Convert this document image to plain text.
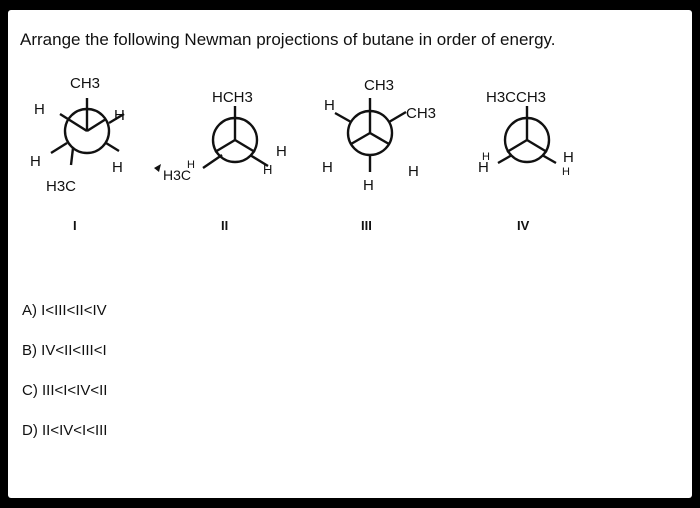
Arrange the following Newman projections of butane in order of energy.
CH3
H	H
H	H
H3C
I
HCH3
H3C
H
H
H
II
CH3
H	CH3
H	H
H
III
H3CCH3
H
H	H
H
IV
A) I<III<II<IV
B) IV<II<III<I
C) III<I<IV<II
D) II<IV<I<III
